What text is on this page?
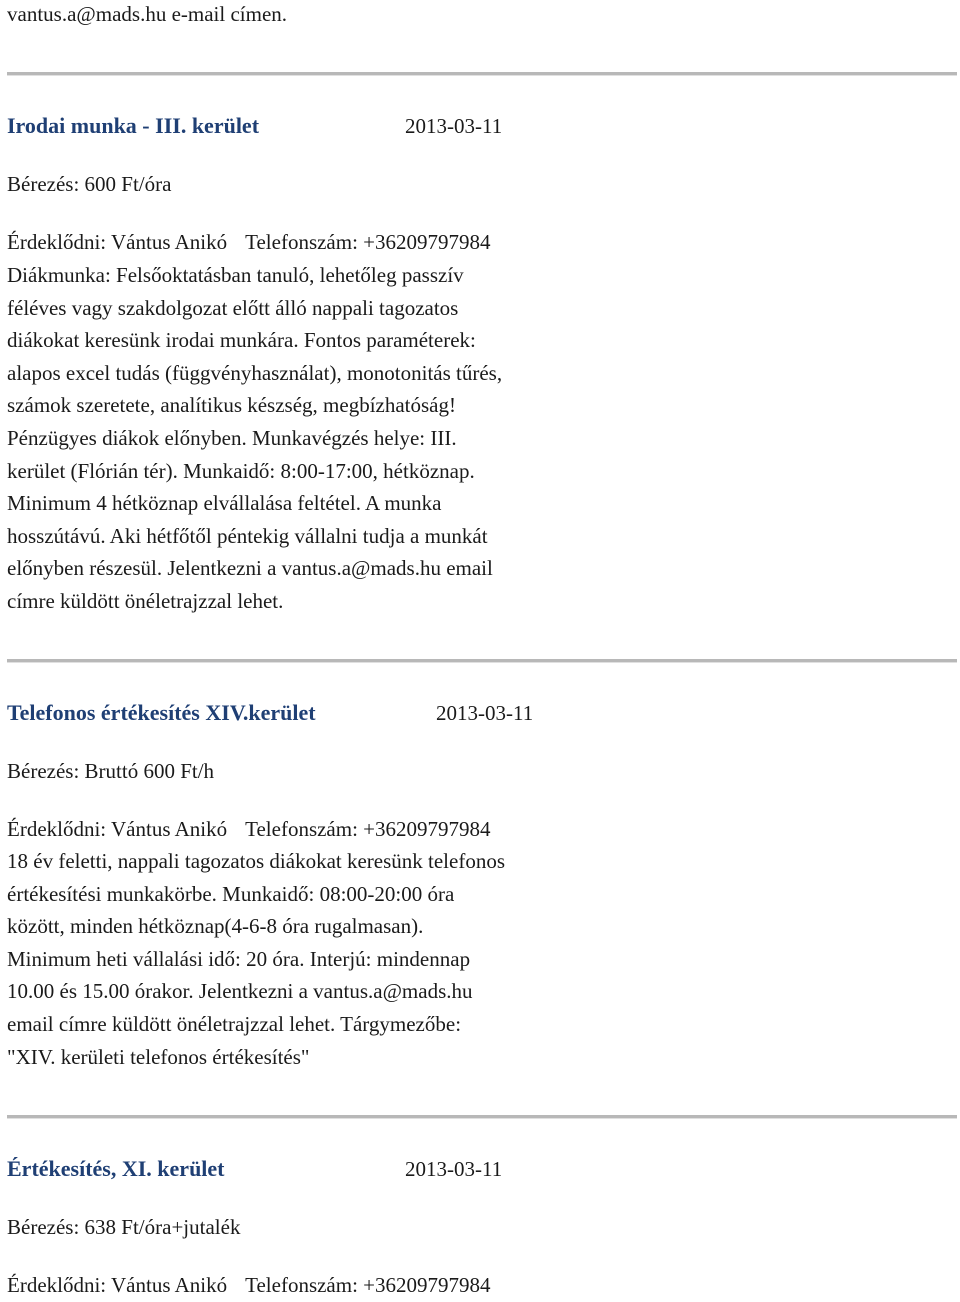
vantus.a@mads.hu e-mail címen.
Irodai munka - III. kerület	2013-03-11
Bérezés: 600 Ft/óra
Érdeklődni: Vántus Anikó Telefonszám: +36209797984
Diákmunka: Felsőoktatásban tanuló, lehetőleg passzív
féléves vagy szakdolgozat előtt álló nappali tagozatos
diákokat keresünk irodai munkára. Fontos paraméterek:
alapos excel tudás (függvényhasználat), monotonitás tűrés,
számok szeretete, analítikus készség, megbízhatóság!
Pénzügyes diákok előnyben. Munkavégzés helye: III.
kerület (Flórián tér). Munkaidő: 8:00-17:00, hétköznap.
Minimum 4 hétköznap elvállalása feltétel. A munka
hosszútávú. Aki hétfőtől péntekig vállalni tudja a munkát
előnyben részesül. Jelentkezni a vantus.a@mads.hu email
címre küldött önéletrajzzal lehet.
Telefonos értékesítés XIV.kerület	2013-03-11
Bérezés: Bruttó 600 Ft/h
Érdeklődni: Vántus Anikó Telefonszám: +36209797984
18 év feletti, nappali tagozatos diákokat keresünk telefonos
értékesítési munkakörbe. Munkaidő: 08:00-20:00 óra
között, minden hétköznap(4-6-8 óra rugalmasan).
Minimum heti vállalási idő: 20 óra. Interjú: mindennap
10.00 és 15.00 órakor. Jelentkezni a vantus.a@mads.hu
email címre küldött önéletrajzzal lehet. Tárgymezőbe:
"XIV. kerületi telefonos értékesítés"
Értékesítés, XI. kerület	2013-03-11
Bérezés: 638 Ft/óra+jutalék
Érdeklődni: Vántus Anikó Telefonszám: +36209797984
